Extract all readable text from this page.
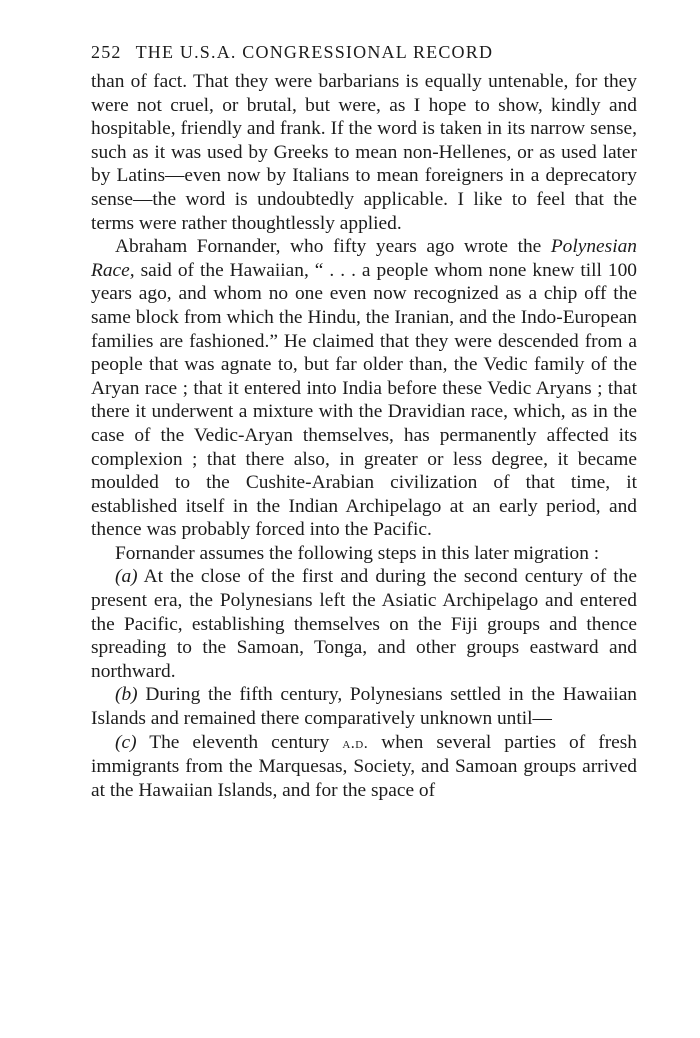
252 THE U.S.A. CONGRESSIONAL RECORD

than of fact. That they were barbarians is equally untenable, for they were not cruel, or brutal, but were, as I hope to show, kindly and hospitable, friendly and frank. If the word is taken in its narrow sense, such as it was used by Greeks to mean non-Hellenes, or as used later by Latins—even now by Italians to mean foreigners in a deprecatory sense—the word is undoubtedly applicable. I like to feel that the terms were rather thoughtlessly applied.

Abraham Fornander, who fifty years ago wrote the Polynesian Race, said of the Hawaiian, “ . . . a people whom none knew till 100 years ago, and whom no one even now recognized as a chip off the same block from which the Hindu, the Iranian, and the Indo-European families are fashioned.” He claimed that they were descended from a people that was agnate to, but far older than, the Vedic family of the Aryan race ; that it entered into India before these Vedic Aryans ; that there it underwent a mixture with the Dravidian race, which, as in the case of the Vedic-Aryan themselves, has permanently affected its complexion ; that there also, in greater or less degree, it became moulded to the Cushite-Arabian civilization of that time, it established itself in the Indian Archipelago at an early period, and thence was probably forced into the Pacific.

Fornander assumes the following steps in this later migration :

(a) At the close of the first and during the second century of the present era, the Polynesians left the Asiatic Archipelago and entered the Pacific, establishing themselves on the Fiji groups and thence spreading to the Samoan, Tonga, and other groups eastward and northward.

(b) During the fifth century, Polynesians settled in the Hawaiian Islands and remained there comparatively unknown until—

(c) The eleventh century a.d. when several parties of fresh immigrants from the Marquesas, Society, and Samoan groups arrived at the Hawaiian Islands, and for the space of
